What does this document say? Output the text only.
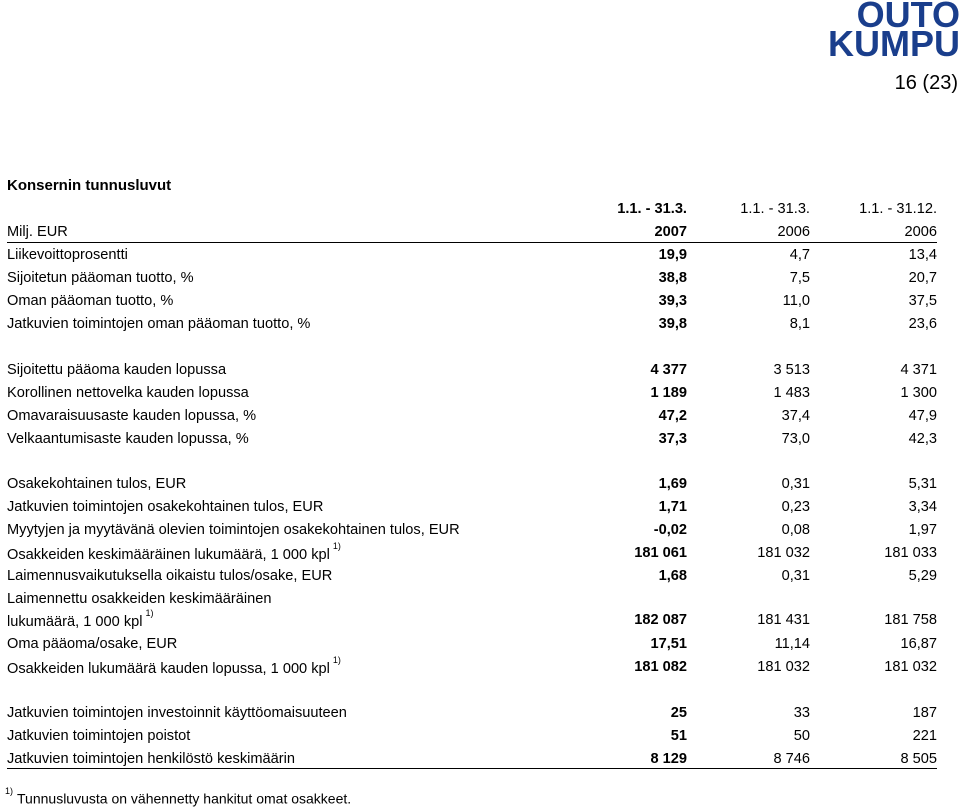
OUTO
KUMPU
16 (23)
Konsernin tunnusluvut
1.1. - 31.3.	1.1. - 31.3.	1.1. - 31.12.
Milj. EUR	2007	2006	2006
Liikevoittoprosentti	19,9	4,7	13,4
Sijoitetun pääoman tuotto, %	38,8	7,5	20,7
Oman pääoman tuotto, %	39,3	11,0	37,5
Jatkuvien toimintojen oman pääoman tuotto, %	39,8	8,1	23,6
Sijoitettu pääoma kauden lopussa	4 377	3 513	4 371
Korollinen nettovelka kauden lopussa	1 189	1 483	1 300
Omavaraisuusaste kauden lopussa, %	47,2	37,4	47,9
Velkaantumisaste kauden lopussa, %	37,3	73,0	42,3
Osakekohtainen tulos, EUR	1,69	0,31	5,31
Jatkuvien toimintojen osakekohtainen tulos, EUR	1,71	0,23	3,34
Myytyjen ja myytävänä olevien toimintojen osakekohtainen tulos, EUR	-0,02	0,08	1,97
Osakkeiden keskimääräinen lukumäärä, 1 000 kpl$^{1)}$	181 061	181 032	181 033
Laimennusvaikutuksella oikaistu tulos/osake, EUR	1,68	0,31	5,29
Laimennettu osakkeiden keskimääräinen
lukumäärä, 1 000 kpl$^{1)}$	182 087	181 431	181 758
Oma pääoma/osake, EUR	17,51	11,14	16,87
Osakkeiden lukumäärä kauden lopussa, 1 000 kpl$^{1)}$	181 082	181 032	181 032
Jatkuvien toimintojen investoinnit käyttöomaisuuteen	25	33	187
Jatkuvien toimintojen poistot	51	50	221
Jatkuvien toimintojen henkilöstö keskimäärin	8 129	8 746	8 505
$^{1)}$ Tunnusluvusta on vähennetty hankitut omat osakkeet.
